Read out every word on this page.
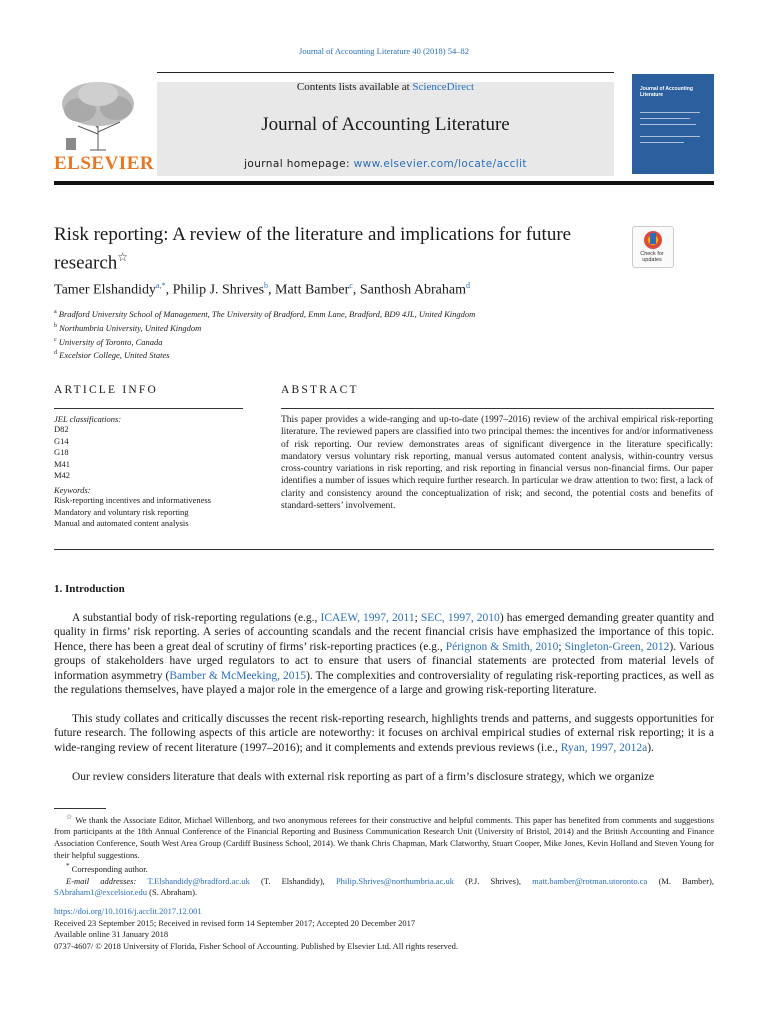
Journal of Accounting Literature 40 (2018) 54–82
ELSEVIER
Contents lists available at ScienceDirect
Journal of Accounting Literature
journal homepage: www.elsevier.com/locate/acclit
Journal of Accounting Literature
Risk reporting: A review of the literature and implications for future research☆	Check for updates
Tamer Elshandidy$^{a,*}$, Philip J. Shrives$^b$, Matt Bamber$^c$, Santhosh Abraham$^d$
$^a$ Bradford University School of Management, The University of Bradford, Emm Lane, Bradford, BD9 4JL, United Kingdom
$^b$ Northumbria University, United Kingdom
$^c$ University of Toronto, Canada
$^d$ Excelsior College, United States
ARTICLE INFO
JEL classifications:
D82
G14
G18
M41
M42
Keywords:
Risk-reporting incentives and informativeness
Mandatory and voluntary risk reporting
Manual and automated content analysis
ABSTRACT
This paper provides a wide-ranging and up-to-date (1997–2016) review of the archival empirical risk-reporting literature. The reviewed papers are classified into two principal themes: the incentives for and/or informativeness of risk reporting. Our review demonstrates areas of significant divergence in the literature specifically: mandatory versus voluntary risk reporting, manual versus automated content analysis, within-country versus cross-country variations in risk reporting, and risk reporting in financial versus non-financial firms. Our paper identifies a number of issues which require further research. In particular we draw attention to two: first, a lack of clarity and consistency around the conceptualization of risk; and second, the potential costs and benefits of standard-setters’ involvement.
1. Introduction
A substantial body of risk-reporting regulations (e.g., ICAEW, 1997, 2011; SEC, 1997, 2010) has emerged demanding greater quantity and quality in firms’ risk reporting. A series of accounting scandals and the recent financial crisis have emphasized the importance of this topic. Hence, there has been a great deal of scrutiny of firms’ risk-reporting practices (e.g., Pérignon & Smith, 2010; Singleton-Green, 2012). Various groups of stakeholders have urged regulators to act to ensure that users of financial statements are protected from material levels of information asymmetry (Bamber & McMeeking, 2015). The complexities and controversiality of regulating risk-reporting practices, as well as the regulations themselves, have played a major role in the emergence of a large and growing risk-reporting literature.
This study collates and critically discusses the recent risk-reporting research, highlights trends and patterns, and suggests opportunities for future research. The following aspects of this article are noteworthy: it focuses on archival empirical studies of external risk reporting; it is a wide-ranging review of recent literature (1997–2016); and it complements and extends previous reviews (i.e., Ryan, 1997, 2012a).
Our review considers literature that deals with external risk reporting as part of a firm’s disclosure strategy, which we organize
☆ We thank the Associate Editor, Michael Willenborg, and two anonymous referees for their constructive and helpful comments. This paper has benefited from comments and suggestions from participants at the 18th Annual Conference of the Financial Reporting and Business Communication Research Unit (University of Bristol, 2014) and the British Accounting and Finance Association Conference, South West Area Group (Cardiff Business School, 2014). We thank Chris Chapman, Mark Clatworthy, Stuart Cooper, Mike Jones, Kevin Holland and Steven Young for their helpful suggestions.
* Corresponding author.
E-mail addresses: T.Elshandidy@bradford.ac.uk (T. Elshandidy), Philip.Shrives@northumbria.ac.uk (P.J. Shrives), matt.bamber@rotman.utoronto.ca (M. Bamber), SAbraham1@excelsior.edu (S. Abraham).
https://doi.org/10.1016/j.acclit.2017.12.001
Received 23 September 2015; Received in revised form 14 September 2017; Accepted 20 December 2017
Available online 31 January 2018
0737-4607/ © 2018 University of Florida, Fisher School of Accounting. Published by Elsevier Ltd. All rights reserved.
